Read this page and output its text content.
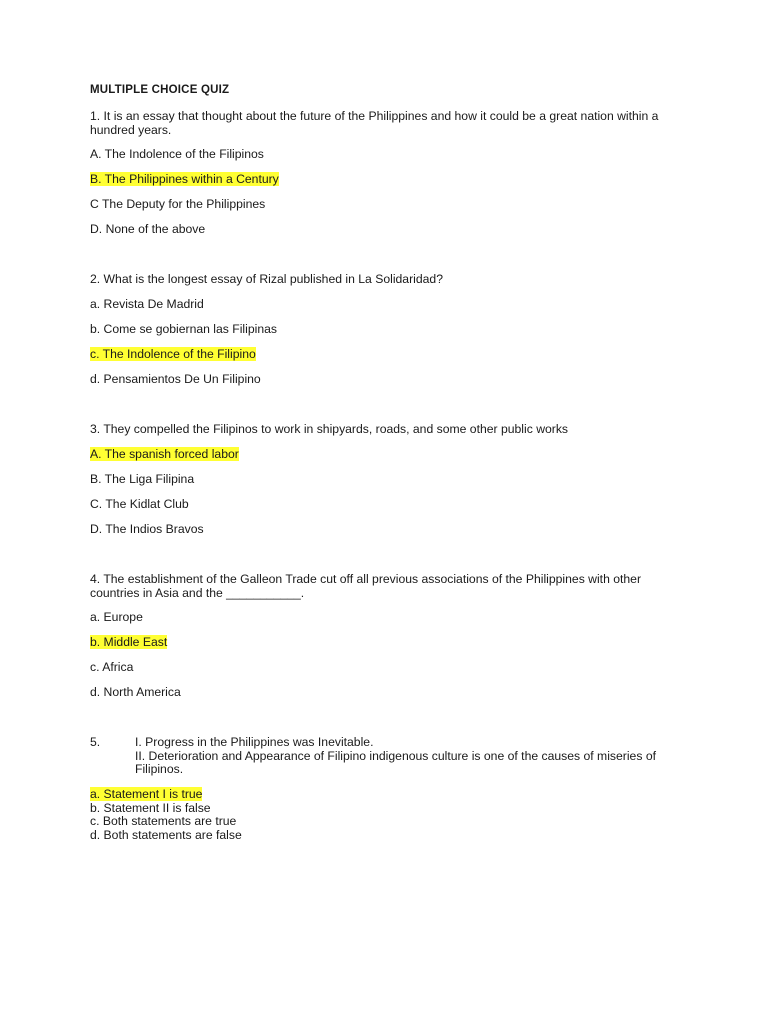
MULTIPLE CHOICE QUIZ

1. It is an essay that thought about the future of the Philippines and how it could be a great nation within a hundred years.

A. The Indolence of the Filipinos
B. The Philippines within a Century
C The Deputy for the Philippines
D. None of the above

2. What is the longest essay of Rizal published in La Solidaridad?

a. Revista De Madrid
b. Come se gobiernan las Filipinas
c. The Indolence of the Filipino
d. Pensamientos De Un Filipino

3. They compelled the Filipinos to work in shipyards, roads, and some other public works

A. The spanish forced labor
B. The Liga Filipina
C. The Kidlat Club
D. The Indios Bravos

4. The establishment of the Galleon Trade cut off all previous associations of the Philippines with other countries in Asia and the ___________.

a. Europe
b. Middle East
c. Africa
d. North America
5.	I. Progress in the Philippines was Inevitable.
II. Deterioration and Appearance of Filipino indigenous culture is one of the causes of miseries of Filipinos.
a. Statement I is true
b. Statement II is false
c. Both statements are true
d. Both statements are false
